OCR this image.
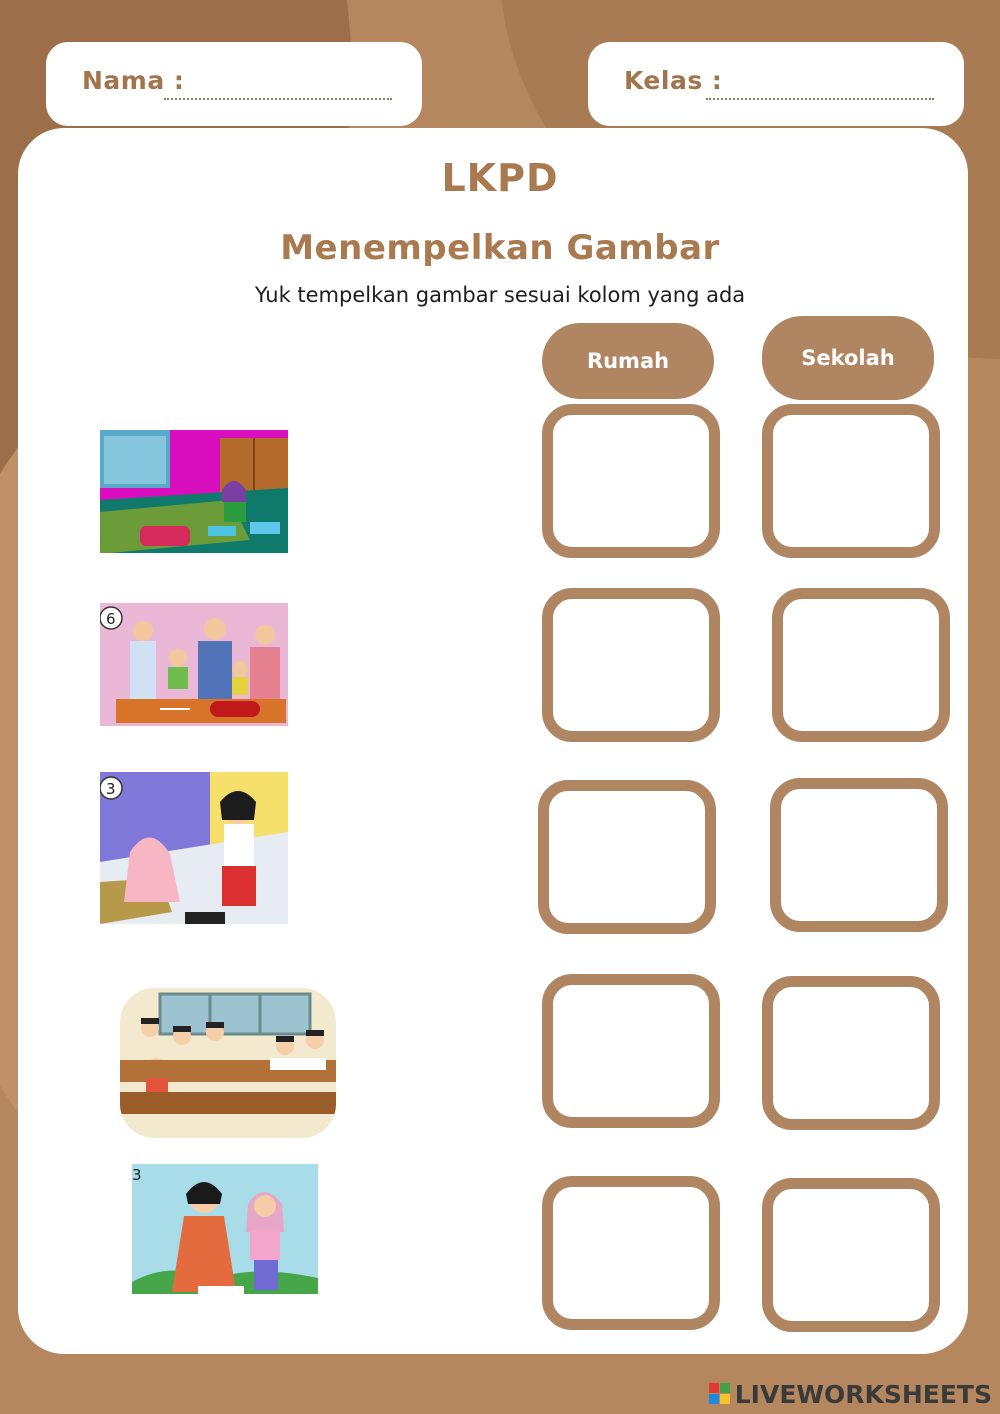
Nama :	Kelas :
LKPD
Menempelkan Gambar
Yuk tempelkan gambar sesuai kolom yang ada
Rumah	Sekolah
6
3
3
LIVEWORKSHEETS
